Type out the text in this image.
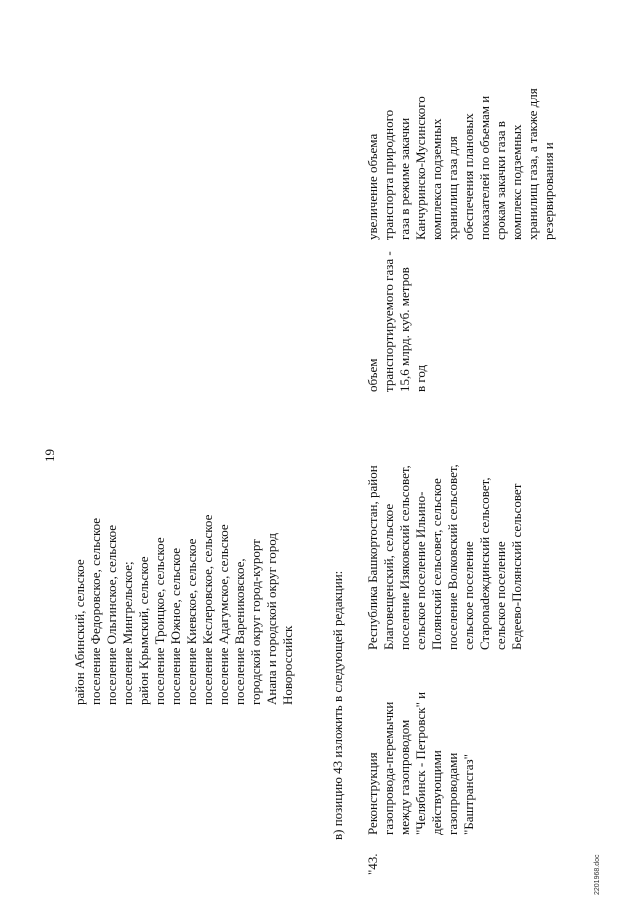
19
район Абинский, сельское поселение Федоровское, сельское поселение Ольгинское, сельское поселение Мингрельское; район Крымский, сельское поселение Троицкое, сельское поселение Южное, сельское поселение Киевское, сельское поселение Кеслеровское, сельское поселение Адагумское, сельское поселение Варениковское, городской округ город-курорт Анапа и городской округ город Новороссийск
увеличение объема транспорта природного газа в режиме закачки Канчуринско-Мусинского комплекса подземных хранилищ газа для обеспечения плановых показателей по объемам и срокам закачки газа в комплекс подземных хранилищ газа, а также для резервирования и
в) позицию 43 изложить в следующей редакции:
"43.
Реконструкция газопровода-перемычки между газопроводом "Челябинск - Петровск" и действующими газопроводами "Баштрансгаз"
Республика Башкортостан, район Благовещенский, сельское поселение Изяковский сельсовет, сельское поселение Ильино- Полянский сельсовет, сельское поселение Волковский сельсовет, сельское поселение Староnadеждинский сельсовет, сельское поселение Бедеево-Полянский сельсовет
объем транспортируемого газа - 15,6 млрд. куб. метров в год
2201968.doc
